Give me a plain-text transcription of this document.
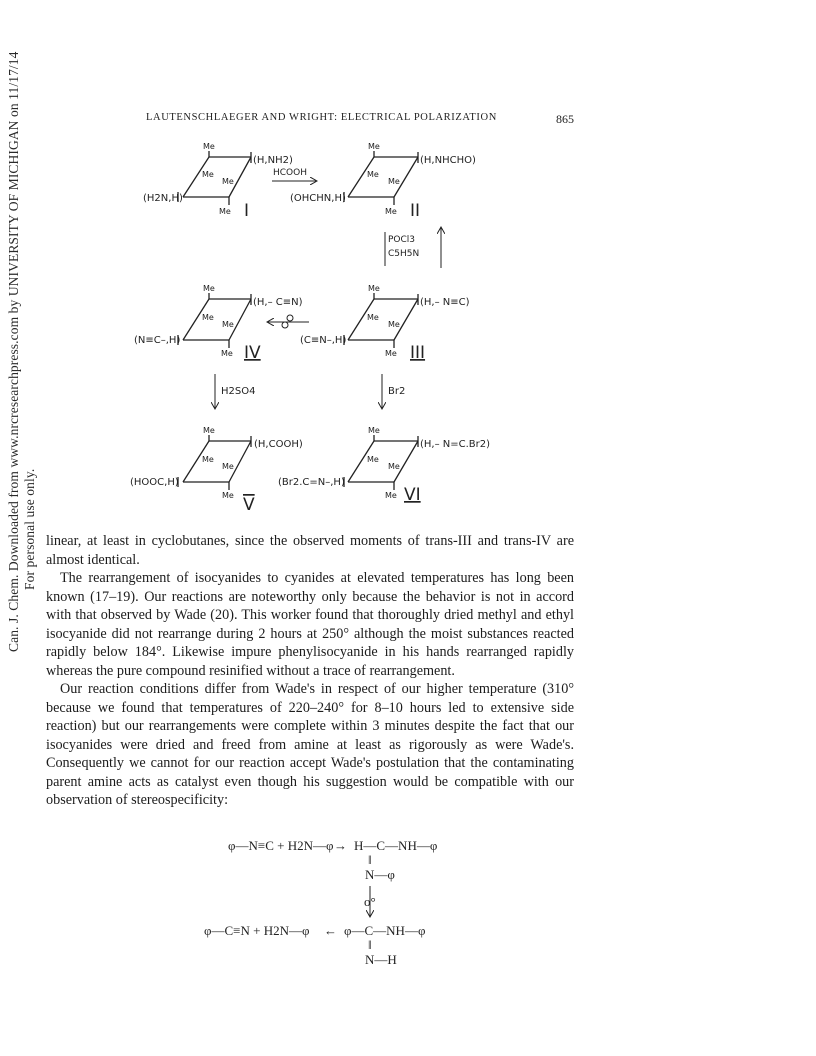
Can. J. Chem. Downloaded from www.nrcresearchpress.com by UNIVERSITY OF MICHIGAN on 11/17/14 For personal use only.
LAUTENSCHLAEGER AND WRIGHT: ELECTRICAL POLARIZATION	865
Me
Me
Me
Me
(H,NH2)
(H2N,H)
I
HCOOH
Me
Me
Me
Me
(H,NHCHO)
(OHCHN,H)
II
POCl3
C5H5N
Me
Me
Me
Me
(H,– C≡N)
(N≡C–,H)
IV
Me
Me
Me
Me
(H,– N≡C)
(C≡N–,H)
III
H2SO4	Br2
Me
Me
Me
Me
(H,COOH)
(HOOC,H)
V
Me
Me
Me
Me
(H,– N=C.Br2)
(Br2.C=N–,H)
VI

linear, at least in cyclobutanes, since the observed moments of trans-III and trans-IV are almost identical.

The rearrangement of isocyanides to cyanides at elevated temperatures has long been known (17–19). Our reactions are noteworthy only because the behavior is not in accord with that observed by Wade (20). This worker found that thoroughly dried methyl and ethyl isocyanide did not rearrange during 2 hours at 250° although the moist substances reacted rapidly below 184°. Likewise impure phenylisocyanide in his hands rearranged rapidly whereas the pure compound resinified without a trace of rearrangement.

Our reaction conditions differ from Wade's in respect of our higher temperature (310° because we found that temperatures of 220–240° for 8–10 hours led to extensive side reaction) but our rearrangements were complete within 3 minutes despite the fact that our isocyanides were dried and freed from amine at least as rigorously as were Wade's. Consequently we cannot for our reaction accept Wade's postulation that the contaminating parent amine acts as catalyst even though his suggestion would be compatible with our observation of stereospecificity:

φ—N≡C + H2N—φ → H—C—NH—φ
‖
N—φ
o°
φ—C≡N + H2N—φ ← φ—C—NH—φ
‖
N—H
